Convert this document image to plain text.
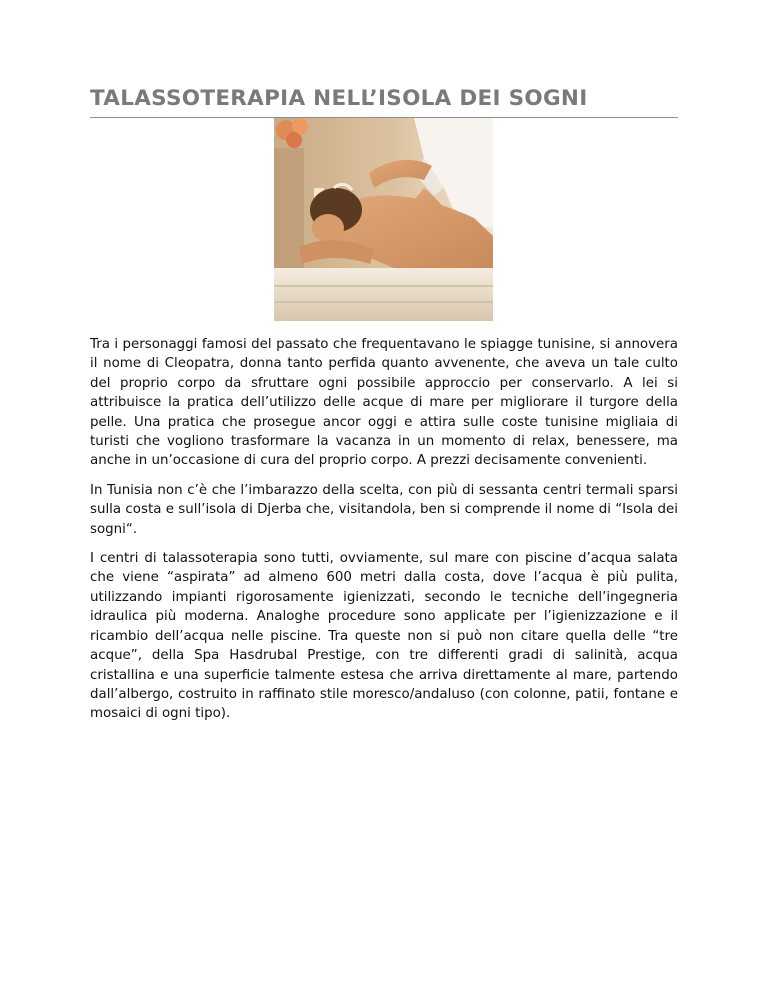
TALASSOTERAPIA NELL’ISOLA DEI SOGNI

Tra i personaggi famosi del passato che frequentavano le spiagge tunisine, si annovera il nome di Cleopatra, donna tanto perfida quanto avvenente, che aveva un tale culto del proprio corpo da sfruttare ogni possibile approccio per conservarlo. A lei si attribuisce la pratica dell’utilizzo delle acque di mare per migliorare il turgore della pelle. Una pratica che prosegue ancor oggi e attira sulle coste tunisine migliaia di turisti che vogliono trasformare la vacanza in un momento di relax, benessere, ma anche in un’occasione di cura del proprio corpo. A prezzi decisamente convenienti.

In Tunisia non c’è che l’imbarazzo della scelta, con più di sessanta centri termali sparsi sulla costa e sull’isola di Djerba che, visitandola, ben si comprende il nome di “Isola dei sogni“.

I centri di talassoterapia sono tutti, ovviamente, sul mare con piscine d’acqua salata che viene “aspirata” ad almeno 600 metri dalla costa, dove l’acqua è più pulita, utilizzando impianti rigorosamente igienizzati, secondo le tecniche dell’ingegneria idraulica più moderna. Analoghe procedure sono applicate per l’igienizzazione e il ricambio dell’acqua nelle piscine. Tra queste non si può non citare quella delle “tre acque”, della Spa Hasdrubal Prestige, con tre differenti gradi di salinità, acqua cristallina e una superficie talmente estesa che arriva direttamente al mare, partendo dall’albergo, costruito in raffinato stile moresco/andaluso (con colonne, patii, fontane e mosaici di ogni tipo).
